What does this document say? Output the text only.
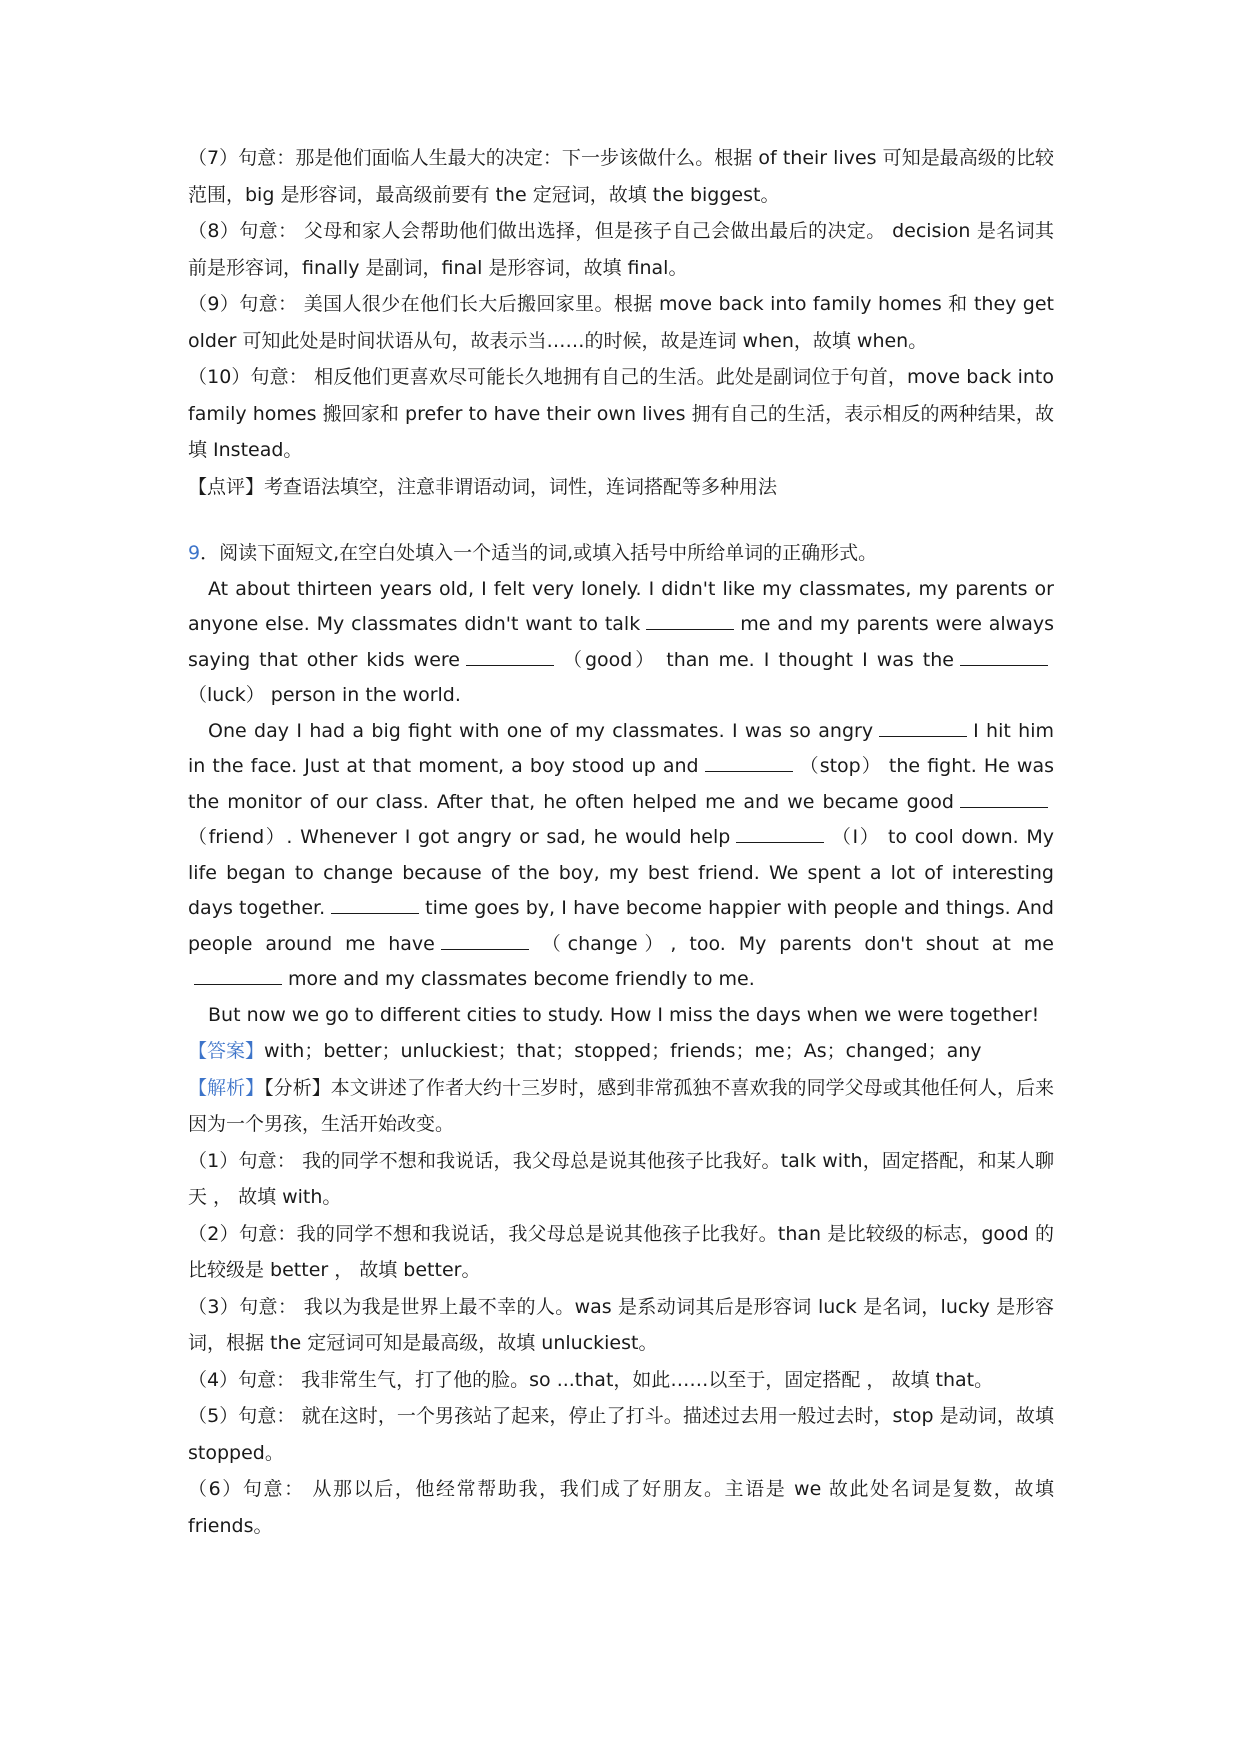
（7）句意：那是他们面临人生最大的决定：下一步该做什么。根据 of their lives 可知是最高级的比较范围，big 是形容词，最高级前要有 the 定冠词，故填 the biggest。

（8）句意： 父母和家人会帮助他们做出选择，但是孩子自己会做出最后的决定。 decision 是名词其前是形容词，finally 是副词，final 是形容词，故填 final。

（9）句意： 美国人很少在他们长大后搬回家里。根据 move back into family homes 和 they get older 可知此处是时间状语从句，故表示当……的时候，故是连词 when，故填 when。

（10）句意： 相反他们更喜欢尽可能长久地拥有自己的生活。此处是副词位于句首，move back into family homes 搬回家和 prefer to have their own lives 拥有自己的生活，表示相反的两种结果，故填 Instead。

【点评】考查语法填空，注意非谓语动词，词性，连词搭配等多种用法

9．阅读下面短文,在空白处填入一个适当的词,或填入括号中所给单词的正确形式。

At about thirteen years old, I felt very lonely. I didn't like my classmates, my parents or anyone else. My classmates didn't want to talk	me and my parents were always saying that other kids were	（good） than me. I thought I was the（luck） person in the world.

One day I had a big fight with one of my classmates. I was so angry	I hit him in the face. Just at that moment, a boy stood up and	（stop） the fight. He was the monitor of our class. After that, he often helped me and we became good（friend）. Whenever I got angry or sad, he would help	（I） to cool down. My life began to change because of the boy, my best friend. We spent a lot of interesting days together.	time goes by, I have become happier with people and things. And people around me have	（change）, too. My parents don't shout at memore and my classmates become friendly to me.

But now we go to different cities to study. How I miss the days when we were together!

【答案】with；better；unluckiest；that；stopped；friends；me；As；changed；any

【解析】【分析】本文讲述了作者大约十三岁时，感到非常孤独不喜欢我的同学父母或其他任何人，后来 因为一个男孩，生活开始改变。

（1）句意： 我的同学不想和我说话，我父母总是说其他孩子比我好。talk with，固定搭配，和某人聊天 ， 故填 with。

（2）句意：我的同学不想和我说话，我父母总是说其他孩子比我好。than 是比较级的标志，good 的比较级是 better ， 故填 better。

（3）句意： 我以为我是世界上最不幸的人。was 是系动词其后是形容词 luck 是名词，lucky 是形容词，根据 the 定冠词可知是最高级，故填 unluckiest。

（4）句意： 我非常生气，打了他的脸。so ...that，如此……以至于，固定搭配 ， 故填 that。

（5）句意： 就在这时，一个男孩站了起来，停止了打斗。描述过去用一般过去时，stop 是动词，故填 stopped。

（6）句意： 从那以后，他经常帮助我，我们成了好朋友。主语是 we 故此处名词是复数，故填 friends。
